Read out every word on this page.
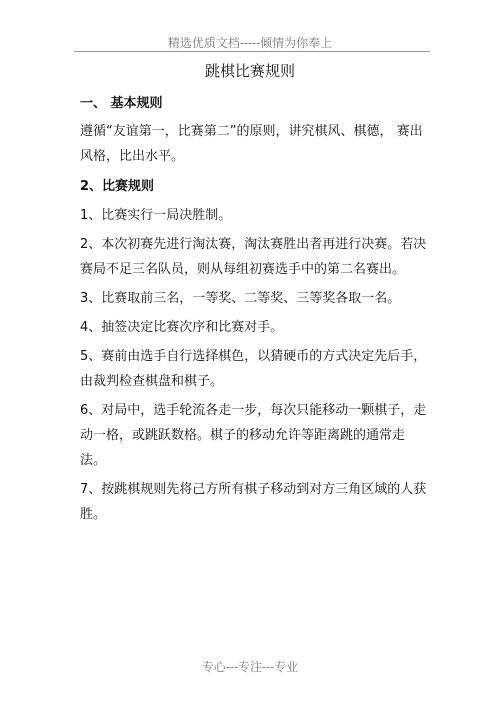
精选优质文档-----倾情为你奉上
跳棋比赛规则
一、 基本规则

遵循“友谊第一，比赛第二”的原则，讲究棋风、棋德， 赛出风格，比出水平。

2、比赛规则

1、比赛实行一局决胜制。

2、本次初赛先进行淘汰赛，淘汰赛胜出者再进行决赛。若决赛局不足三名队员，则从每组初赛选手中的第二名赛出。

3、比赛取前三名，一等奖、二等奖、三等奖各取一名。

4、抽签决定比赛次序和比赛对手。

5、赛前由选手自行选择棋色，以猜硬币的方式决定先后手，由裁判检查棋盘和棋子。

6、对局中，选手轮流各走一步，每次只能移动一颗棋子，走动一格，或跳跃数格。棋子的移动允许等距离跳的通常走法。

7、按跳棋规则先将己方所有棋子移动到对方三角区域的人获胜。

专心---专注---专业
